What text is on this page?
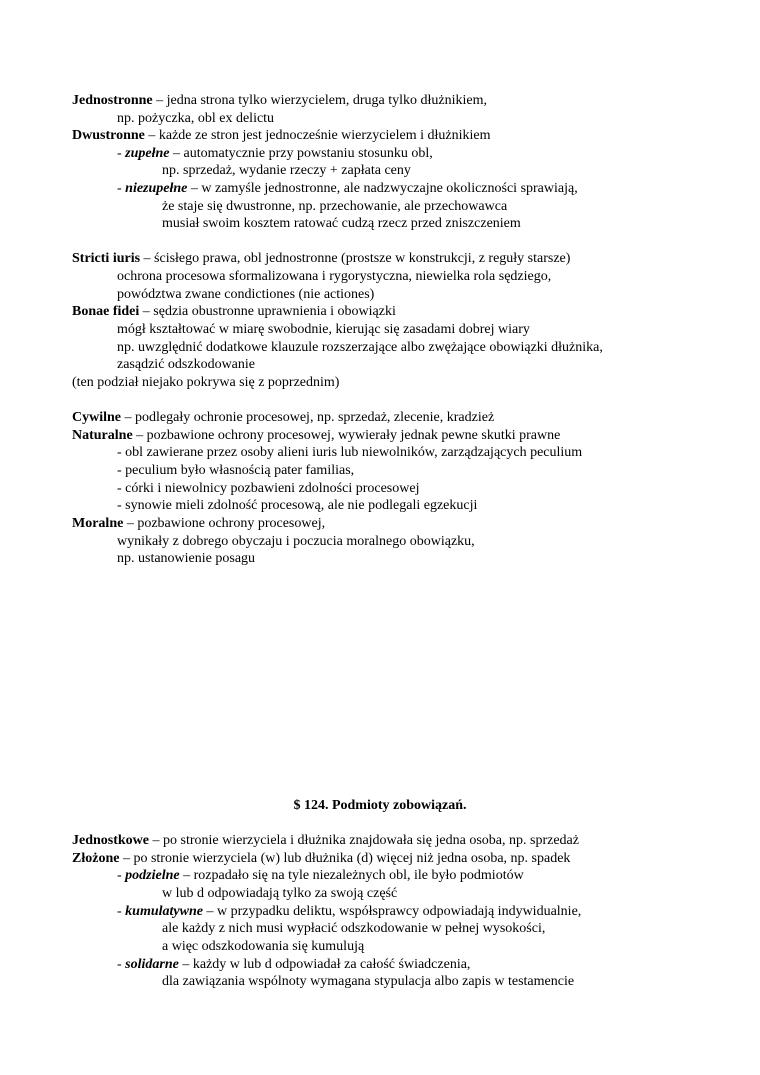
Jednostronne – jedna strona tylko wierzycielem, druga tylko dłużnikiem,
np. pożyczka, obl ex delictu
Dwustronne – każde ze stron jest jednocześnie wierzycielem i dłużnikiem
- zupełne – automatycznie przy powstaniu stosunku obl,
np. sprzedaż, wydanie rzeczy + zapłata ceny
- niezupełne – w zamyśle jednostronne, ale nadzwyczajne okoliczności sprawiają,
że staje się dwustronne, np. przechowanie, ale przechowawca
musiał swoim kosztem ratować cudzą rzecz przed zniszczeniem
Stricti iuris – ścisłego prawa, obl jednostronne (prostsze w konstrukcji, z reguły starsze)
ochrona procesowa sformalizowana i rygorystyczna, niewielka rola sędziego,
powództwa zwane condictiones (nie actiones)
Bonae fidei – sędzia obustronne uprawnienia i obowiązki
mógł kształtować w miarę swobodnie, kierując się zasadami dobrej wiary
np. uwzględnić dodatkowe klauzule rozszerzające albo zwężające obowiązki dłużnika,
zasądzić odszkodowanie
(ten podział niejako pokrywa się z poprzednim)
Cywilne – podlegały ochronie procesowej, np. sprzedaż, zlecenie, kradzież
Naturalne – pozbawione ochrony procesowej, wywierały jednak pewne skutki prawne
- obl zawierane przez osoby alieni iuris lub niewolników, zarządzających peculium
- peculium było własnością pater familias,
- córki i niewolnicy pozbawieni zdolności procesowej
- synowie mieli zdolność procesową, ale nie podlegali egzekucji
Moralne – pozbawione ochrony procesowej,
wynikały z dobrego obyczaju i poczucia moralnego obowiązku,
np. ustanowienie posagu
$ 124. Podmioty zobowiązań.
Jednostkowe – po stronie wierzyciela i dłużnika znajdowała się jedna osoba, np. sprzedaż
Złożone – po stronie wierzyciela (w) lub dłużnika (d) więcej niż jedna osoba, np. spadek
- podzielne – rozpadało się na tyle niezależnych obl, ile było podmiotów
w lub d odpowiadają tylko za swoją część
- kumulatywne – w przypadku deliktu, współsprawcy odpowiadają indywidualnie,
ale każdy z nich musi wypłacić odszkodowanie w pełnej wysokości,
a więc odszkodowania się kumulują
- solidarne – każdy w lub d odpowiadał za całość świadczenia,
dla zawiązania wspólnoty wymagana stypulacja albo zapis w testamencie
